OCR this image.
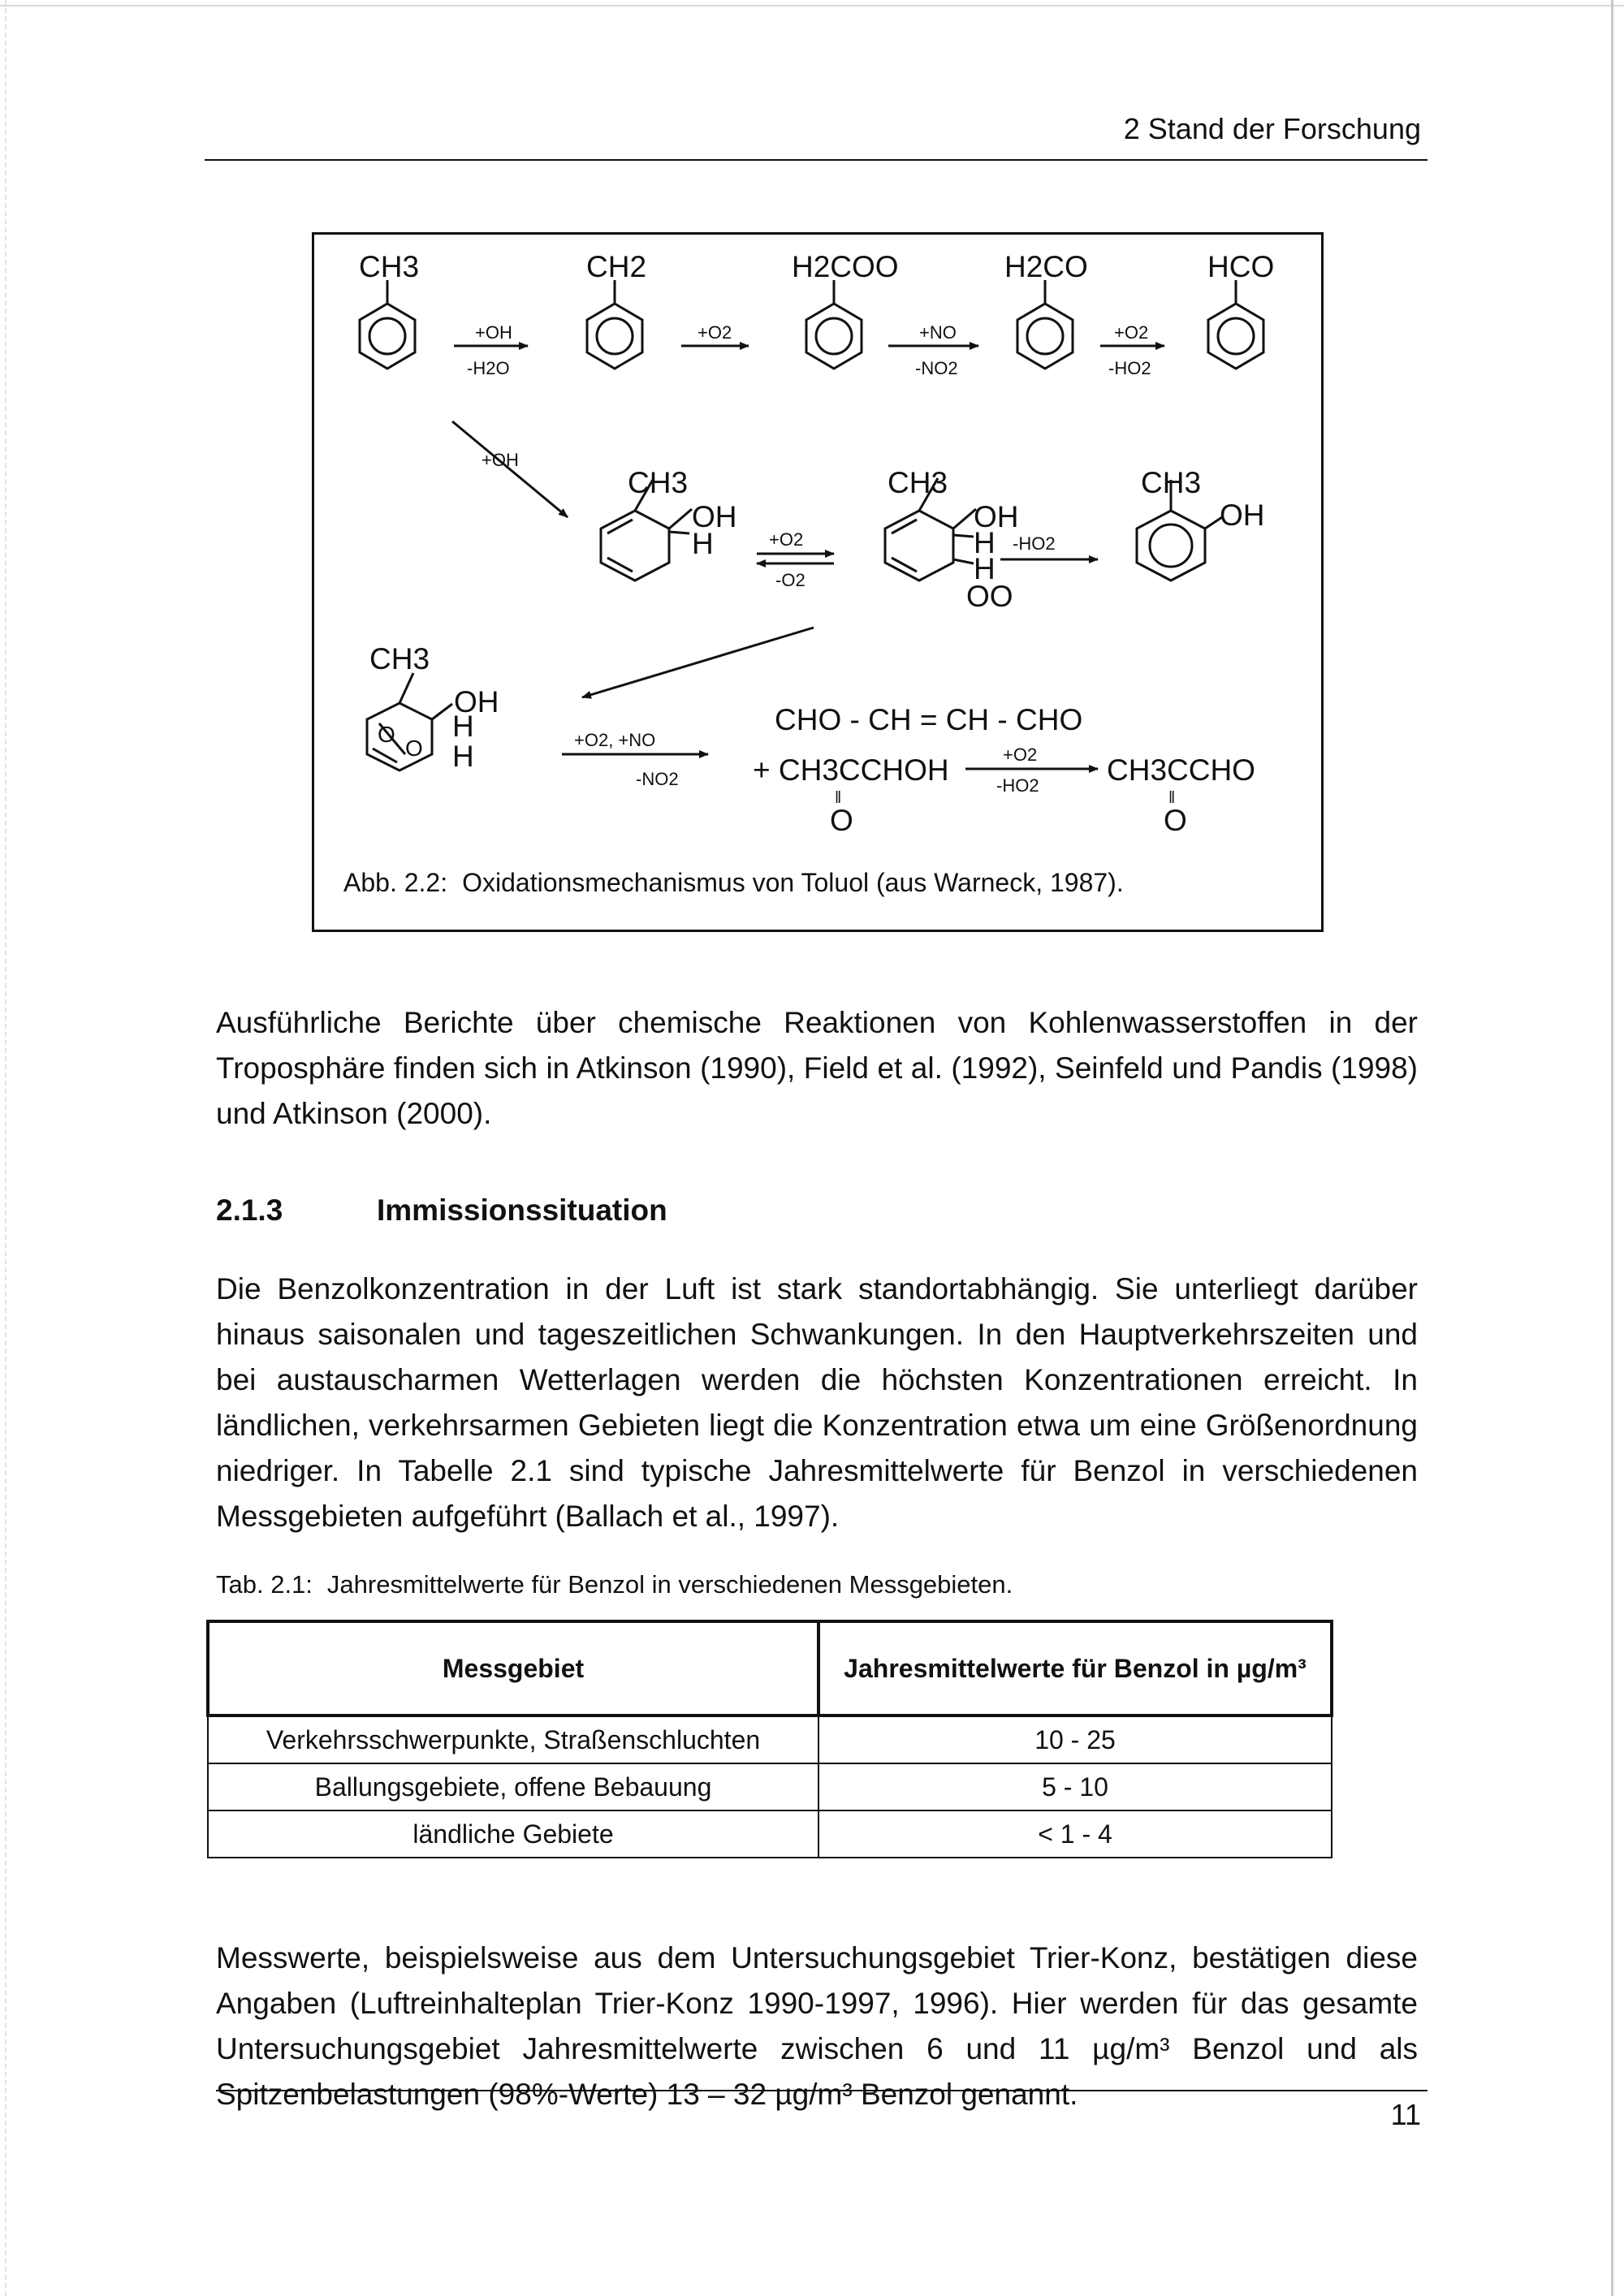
2 Stand der Forschung
CH3	CH2	H2COO	H2CO	HCO
+OH
-H2O
+O2	+NO
-NO2
+O2
-HO2
+OH
CH3
OH
H	+O2
-O2
CH3
OH
H
H
OO
-HO2
CH3
OH
CH3
OH
H
H
O
O	+O2, +NO
-NO2
CHO - CH = CH - CHO
+ CH3CCHOH
‖
O
+O2
-HO2 CH3CCHO
‖
O
Abb. 2.2: Oxidationsmechanismus von Toluol (aus Warneck, 1987).
Ausführliche Berichte über chemische Reaktionen von Kohlenwasserstoffen in der Troposphäre finden sich in Atkinson (1990), Field et al. (1992), Seinfeld und Pandis (1998) und Atkinson (2000).
2.1.3	Immissionssituation
Die Benzolkonzentration in der Luft ist stark standortabhängig. Sie unterliegt darüber hinaus saisonalen und tageszeitlichen Schwankungen. In den Hauptverkehrszeiten und bei austauscharmen Wetterlagen werden die höchsten Konzentrationen erreicht. In ländlichen, verkehrsarmen Gebieten liegt die Konzentration etwa um eine Größenordnung niedriger. In Tabelle 2.1 sind typische Jahresmittelwerte für Benzol in verschiedenen Messgebieten aufgeführt (Ballach et al., 1997).
Tab. 2.1: Jahresmittelwerte für Benzol in verschiedenen Messgebieten.
Messgebiet	Jahresmittelwerte für Benzol in µg/m³
Verkehrsschwerpunkte, Straßenschluchten	10 - 25
Ballungsgebiete, offene Bebauung	5 - 10
ländliche Gebiete	< 1 - 4
Messwerte, beispielsweise aus dem Untersuchungsgebiet Trier-Konz, bestätigen diese Angaben (Luftreinhalteplan Trier-Konz 1990-1997, 1996). Hier werden für das gesamte Untersuchungsgebiet Jahresmittelwerte zwischen 6 und 11 µg/m³ Benzol und als Spitzenbelastungen (98%-Werte) 13 – 32 µg/m³ Benzol genannt.
11
